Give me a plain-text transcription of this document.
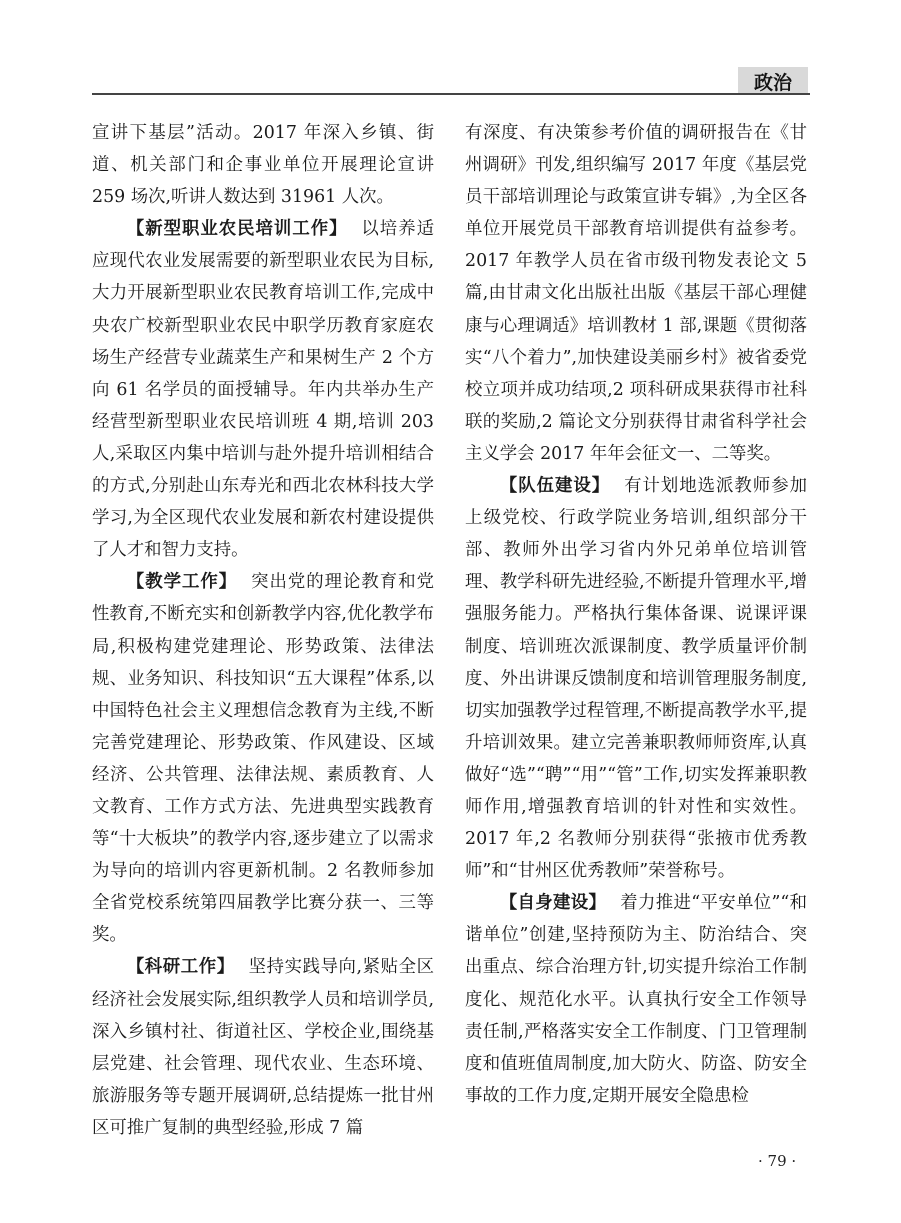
政治

宣讲下基层”活动。2017 年深入乡镇、街道、机关部门和企事业单位开展理论宣讲 259 场次,听讲人数达到 31961 人次。

【新型职业农民培训工作】 以培养适应现代农业发展需要的新型职业农民为目标,大力开展新型职业农民教育培训工作,完成中央农广校新型职业农民中职学历教育家庭农场生产经营专业蔬菜生产和果树生产 2 个方向 61 名学员的面授辅导。年内共举办生产经营型新型职业农民培训班 4 期,培训 203 人,采取区内集中培训与赴外提升培训相结合的方式,分别赴山东寿光和西北农林科技大学学习,为全区现代农业发展和新农村建设提供了人才和智力支持。

【教学工作】 突出党的理论教育和党性教育,不断充实和创新教学内容,优化教学布局,积极构建党建理论、形势政策、法律法规、业务知识、科技知识“五大课程”体系,以中国特色社会主义理想信念教育为主线,不断完善党建理论、形势政策、作风建设、区域经济、公共管理、法律法规、素质教育、人文教育、工作方式方法、先进典型实践教育等“十大板块”的教学内容,逐步建立了以需求为导向的培训内容更新机制。2 名教师参加全省党校系统第四届教学比赛分获一、三等奖。

【科研工作】 坚持实践导向,紧贴全区经济社会发展实际,组织教学人员和培训学员,深入乡镇村社、街道社区、学校企业,围绕基层党建、社会管理、现代农业、生态环境、旅游服务等专题开展调研,总结提炼一批甘州区可推广复制的典型经验,形成 7 篇

有深度、有决策参考价值的调研报告在《甘州调研》刊发,组织编写 2017 年度《基层党员干部培训理论与政策宣讲专辑》,为全区各单位开展党员干部教育培训提供有益参考。2017 年教学人员在省市级刊物发表论文 5 篇,由甘肃文化出版社出版《基层干部心理健康与心理调适》培训教材 1 部,课题《贯彻落实“八个着力”,加快建设美丽乡村》被省委党校立项并成功结项,2 项科研成果获得市社科联的奖励,2 篇论文分别获得甘肃省科学社会主义学会 2017 年年会征文一、二等奖。

【队伍建设】 有计划地选派教师参加上级党校、行政学院业务培训,组织部分干部、教师外出学习省内外兄弟单位培训管理、教学科研先进经验,不断提升管理水平,增强服务能力。严格执行集体备课、说课评课制度、培训班次派课制度、教学质量评价制度、外出讲课反馈制度和培训管理服务制度,切实加强教学过程管理,不断提高教学水平,提升培训效果。建立完善兼职教师师资库,认真做好“选”“聘”“用”“管”工作,切实发挥兼职教师作用,增强教育培训的针对性和实效性。2017 年,2 名教师分别获得“张掖市优秀教师”和“甘州区优秀教师”荣誉称号。

【自身建设】 着力推进“平安单位”“和谐单位”创建,坚持预防为主、防治结合、突出重点、综合治理方针,切实提升综治工作制度化、规范化水平。认真执行安全工作领导责任制,严格落实安全工作制度、门卫管理制度和值班值周制度,加大防火、防盗、防安全事故的工作力度,定期开展安全隐患检

· 79 ·
